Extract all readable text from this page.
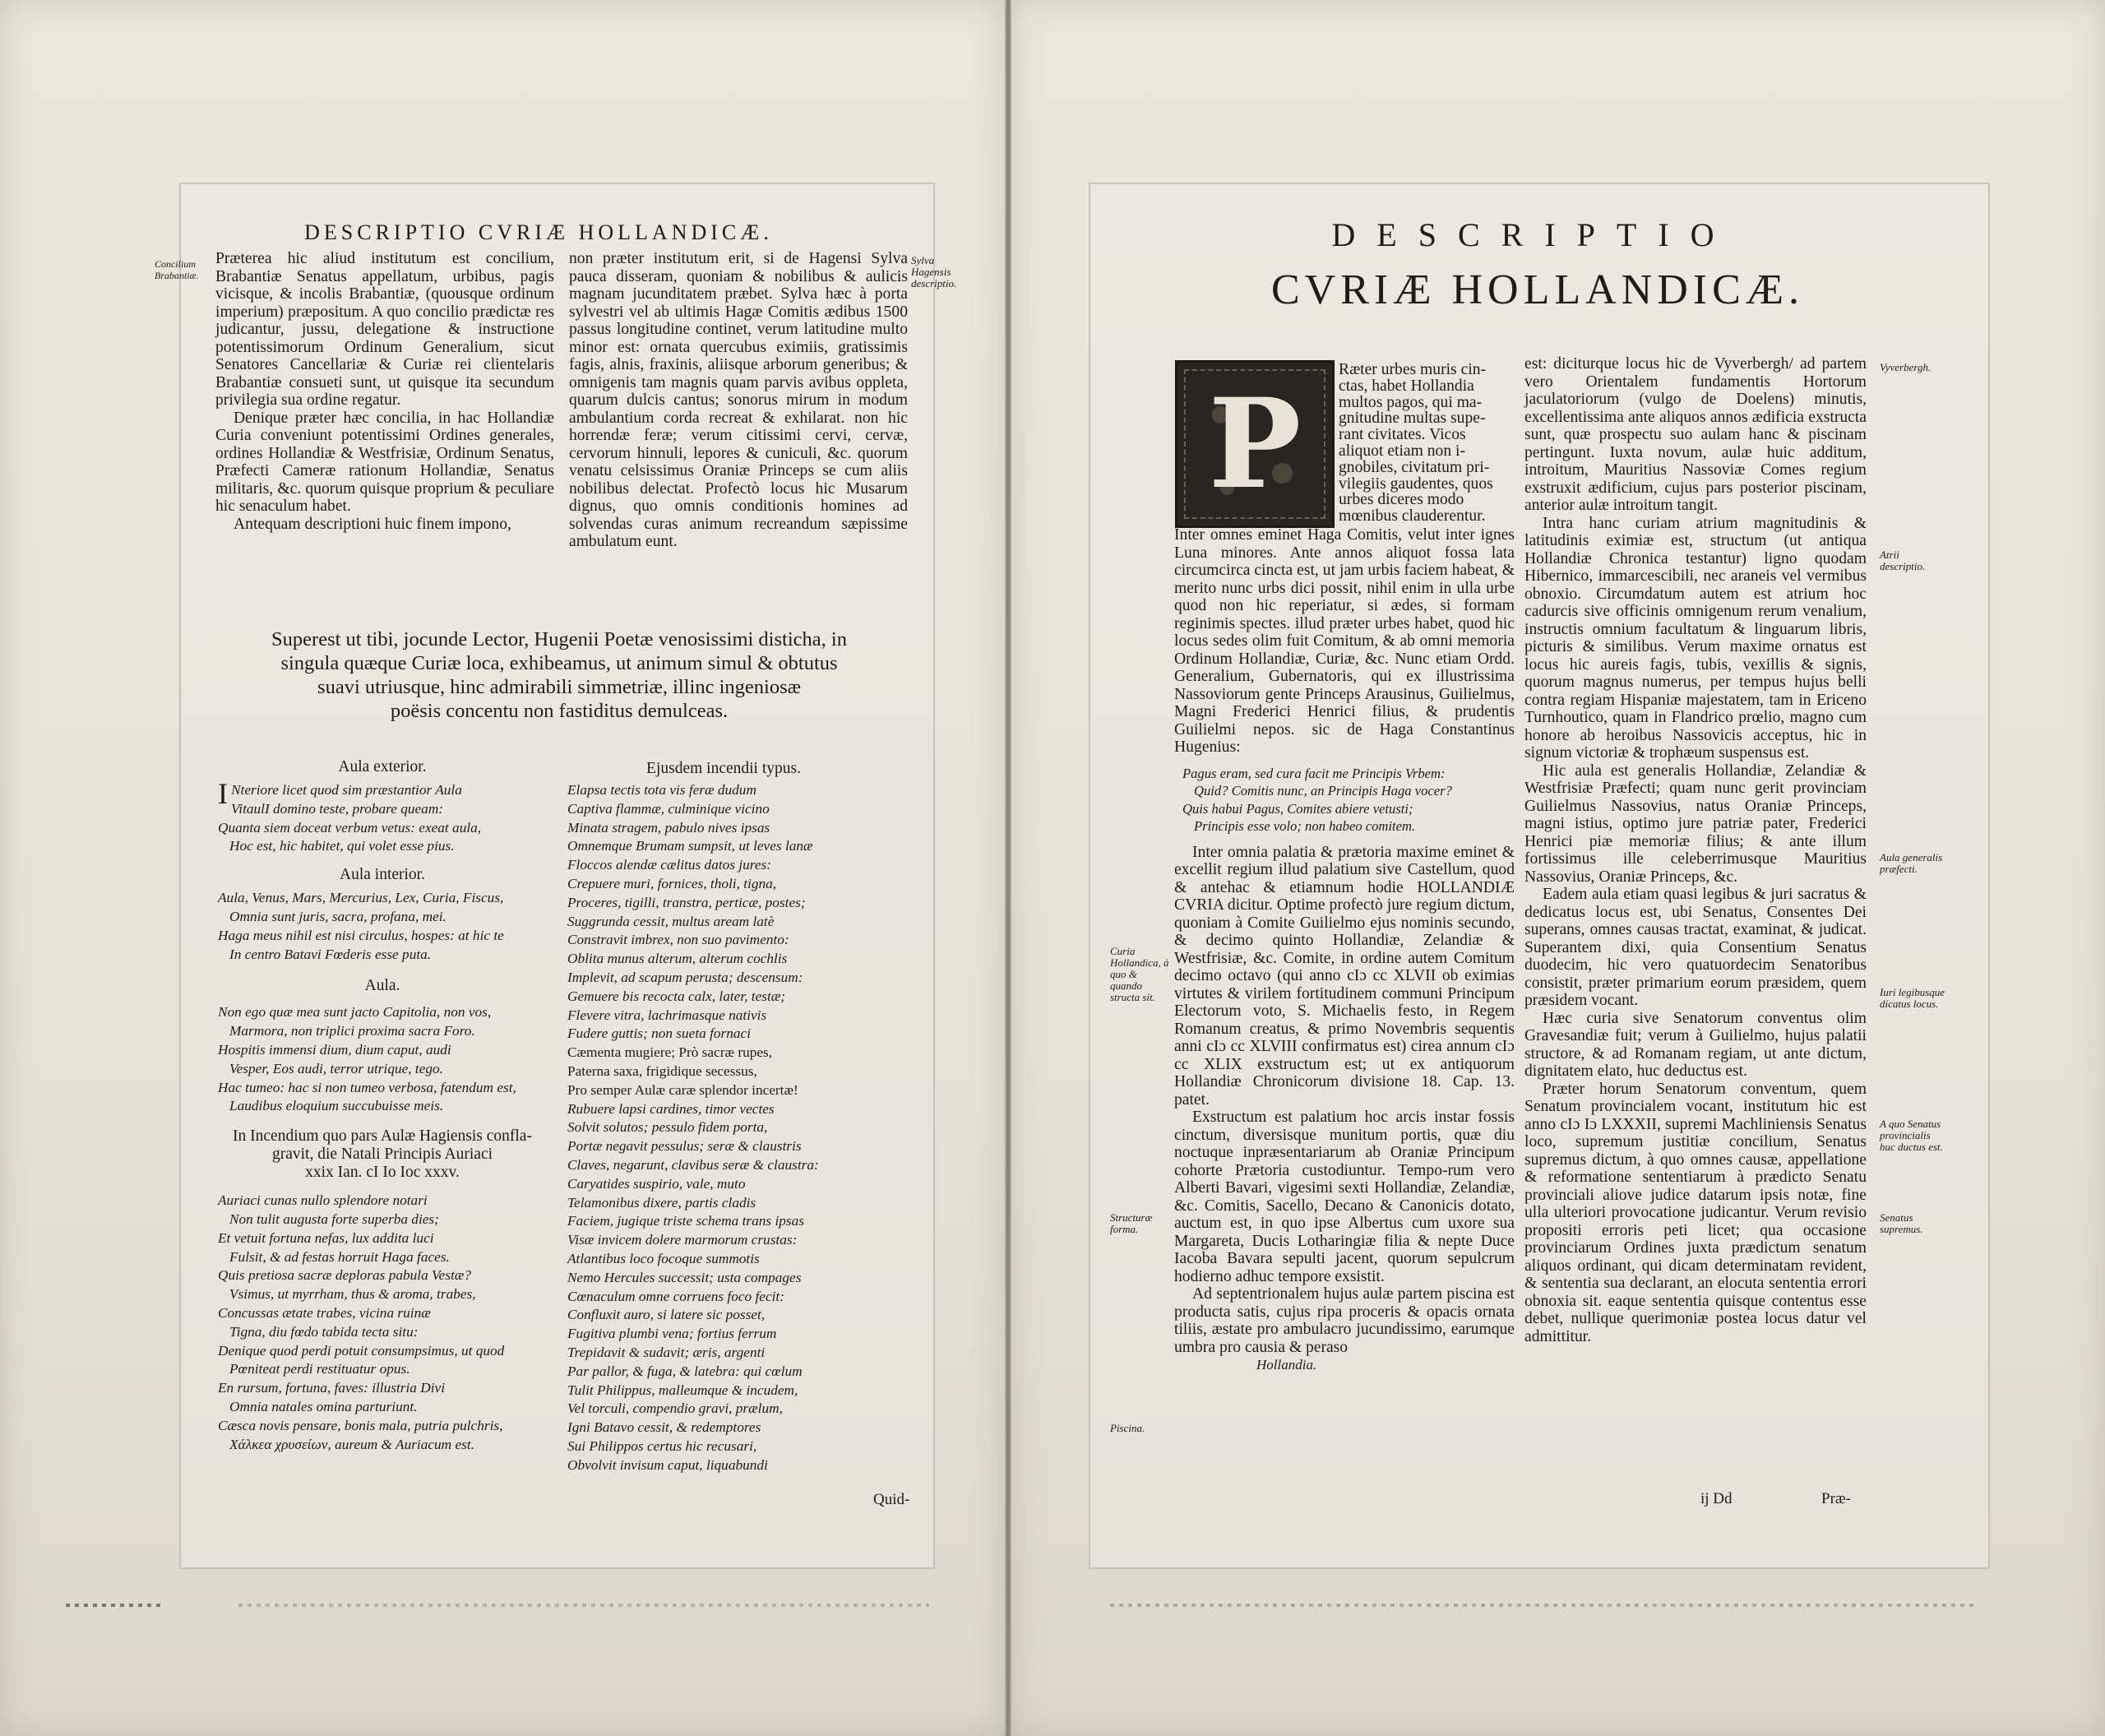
DESCRIPTIO CVRIÆ HOLLANDICÆ.
Concilium Brabantiæ.
Sylva Hagensis descriptio.

Præterea hic aliud institutum est concilium, Brabantiæ Senatus appellatum, urbibus, pagis vicisque, & incolis Brabantiæ, (quousque ordinum imperium) præpositum. A quo concilio prædictæ res judicantur, jussu, delegatione & instructione potentissimorum Ordinum Generalium, sicut Senatores Cancellariæ & Curiæ rei clientelaris Brabantiæ consueti sunt, ut quisque ita secundum privilegia sua ordine regatur.

Denique præter hæc concilia, in hac Hollandiæ Curia conveniunt potentissimi Ordines generales, ordines Hollandiæ & Westfrisiæ, Ordinum Senatus, Præfecti Cameræ rationum Hollandiæ, Senatus militaris, &c. quorum quisque proprium & peculiare hic senaculum habet.

Antequam descriptioni huic finem impono,

non præter institutum erit, si de Hagensi Sylva pauca disseram, quoniam & nobilibus & aulicis magnam jucunditatem præbet. Sylva hæc à porta sylvestri vel ab ultimis Hagæ Comitis ædibus 1500 passus longitudine continet, verum latitudine multo minor est: ornata quercubus eximiis, gratissimis fagis, alnis, fraxinis, aliisque arborum generibus; & omnigenis tam magnis quam parvis avibus oppleta, quarum dulcis cantus; sonorus mirum in modum ambulantium corda recreat & exhilarat. non hic horrendæ feræ; verum citissimi cervi, cervæ, cervorum hinnuli, lepores & cuniculi, &c. quorum venatu celsissimus Oraniæ Princeps se cum aliis nobilibus delectat. Profectò locus hic Musarum dignus, quo omnis conditionis homines ad solvendas curas animum recreandum sæpissime ambulatum eunt.

Superest ut tibi, jocunde Lector, Hugenii Poetæ venosissimi disticha, in
singula quæque Curiæ loca, exhibeamus, ut animum simul & obtutus
suavi utriusque, hinc admirabili simmetriæ, illinc ingeniosæ
poësis concentu non fastiditus demulceas.
Aula exterior.
I Nteriore licet quod sim præstantior Aula
VitaulI domino teste, probare queam:
Quanta siem doceat verbum vetus: exeat aula,
Hoc est, hic habitet, qui volet esse pius.
Aula interior.
Aula, Venus, Mars, Mercurius, Lex, Curia, Fiscus,
Omnia sunt juris, sacra, profana, mei.
Haga meus nihil est nisi circulus, hospes: at hic te
In centro Batavi Fœderis esse puta.
Aula.
Non ego quæ mea sunt jacto Capitolia, non vos,
Marmora, non triplici proxima sacra Foro.
Hospitis immensi dium, dium caput, audi
Vesper, Eos audi, terror utrique, tego.
Hac tumeo: hac si non tumeo verbosa, fatendum est,
Laudibus eloquium succubuisse meis.
In Incendium quo pars Aulæ Hagiensis confla-
gravit, die Natali Principis Auriaci
xxix Ian. cI Io Ioc xxxv.
Auriaci cunas nullo splendore notari
Non tulit augusta forte superba dies;
Et vetuit fortuna nefas, lux addita luci
Fulsit, & ad festas horruit Haga faces.
Quis pretiosa sacræ deploras pabula Vestæ?
Vsimus, ut myrrham, thus & aroma, trabes,
Concussas ætate trabes, vicina ruinæ
Tigna, diu fœdo tabida tecta situ:
Denique quod perdi potuit consumpsimus, ut quod
Pœniteat perdi restituatur opus.
En rursum, fortuna, faves: illustria Divi
Omnia natales omina parturiunt.
Cæsca novis pensare, bonis mala, putria pulchris,
Χάλκεα χρυσείων, aureum & Auriacum est.
Ejusdem incendii typus.
Elapsa tectis tota vis feræ dudum
Captiva flammæ, culminique vicino
Minata stragem, pabulo nives ipsas
Omnemque Brumam sumpsit, ut leves lanæ
Floccos alendæ cælitus datos jures:
Crepuere muri, fornices, tholi, tigna,
Proceres, tigilli, transtra, perticæ, postes;
Suggrunda cessit, multus aream latè
Constravit imbrex, non suo pavimento:
Oblita munus alterum, alterum cochlis
Implevit, ad scapum perusta; descensum:
Gemuere bis recocta calx, later, testæ;
Flevere vitra, lachrimasque nativis
Fudere guttis; non sueta fornaci
Cæmenta mugiere; Prò sacræ rupes,
Paterna saxa, frigidique secessus,
Pro semper Aulæ caræ splendor incertæ!
Rubuere lapsi cardines, timor vectes
Solvit solutos; pessulo fidem porta,
Portæ negavit pessulus; seræ & claustris
Claves, negarunt, clavibus seræ & claustra:
Caryatides suspirio, vale, muto
Telamonibus dixere, partis cladis
Faciem, jugique triste schema trans ipsas
Visæ invicem dolere marmorum crustas:
Atlantibus loco focoque summotis
Nemo Hercules successit; usta compages
Cœnaculum omne corruens foco fecit:
Confluxit auro, si latere sic posset,
Fugitiva plumbi vena; fortius ferrum
Trepidavit & sudavit; æris, argenti
Par pallor, & fuga, & latebra: qui cœlum
Tulit Philippus, malleumque & incudem,
Vel torculi, compendio gravi, prælum,
Igni Batavo cessit, & redemptores
Sui Philippos certus hic recusari,
Obvolvit invisum caput, liquabundi
Quid-
DESCRIPTIO
CVRIÆ HOLLANDICÆ.
P
Ræter urbes muris cin-
ctas, habet Hollandia
multos pagos, qui ma-
gnitudine multas supe-
rant civitates. Vicos
aliquot etiam non i-
gnobiles, civitatum pri-
vilegiis gaudentes, quos
urbes diceres modo
mœnibus clauderentur.

Inter omnes eminet Haga Comitis, velut inter ignes Luna minores. Ante annos aliquot fossa lata circumcirca cincta est, ut jam urbis faciem habeat, & merito nunc urbs dici possit, nihil enim in ulla urbe quod non hic reperiatur, si ædes, si formam reginimis spectes. illud præter urbes habet, quod hic locus sedes olim fuit Comitum, & ab omni memoria Ordinum Hollandiæ, Curiæ, &c. Nunc etiam Ordd. Generalium, Gubernatoris, qui ex illustrissima Nassoviorum gente Princeps Arausinus, Guilielmus, Magni Frederici Henrici filius, & prudentis Guilielmi nepos. sic de Haga Constantinus Hugenius:

Pagus eram, sed cura facit me Principis Vrbem:
Quid? Comitis nunc, an Principis Haga vocer?
Quis habui Pagus, Comites abiere vetusti;
Principis esse volo; non habeo comitem.

Inter omnia palatia & prætoria maxime eminet & excellit regium illud palatium sive Castellum, quod & antehac & etiamnum hodie HOLLANDIÆ CVRIA dicitur. Optime profectò jure regium dictum, quoniam à Comite Guilielmo ejus nominis secundo, & decimo quinto Hollandiæ, Zelandiæ & Westfrisiæ, &c. Comite, in ordine autem Comitum decimo octavo (qui anno cIɔ cc XLVII ob eximias virtutes & virilem fortitudinem communi Principum Electorum voto, S. Michaelis festo, in Regem Romanum creatus, & primo Novembris sequentis anni cIɔ cc XLVIII confirmatus est) cirea annum cIɔ cc XLIX exstructum est; ut ex antiquorum Hollandiæ Chronicorum divisione 18. Cap. 13. patet.

Exstructum est palatium hoc arcis instar fossis cinctum, diversisque munitum portis, quæ diu noctuque inpræsentariarum ab Oraniæ Principum cohorte Prætoria custodiuntur. Tempo-rum vero Alberti Bavari, vigesimi sexti Hollandiæ, Zelandiæ, &c. Comitis, Sacello, Decano & Canonicis dotato, auctum est, in quo ipse Albertus cum uxore sua Margareta, Ducis Lotharingiæ filia & nepte Duce Iacoba Bavara sepulti jacent, quorum sepulcrum hodierno adhuc tempore exsistit.

Ad septentrionalem hujus aulæ partem piscina est producta satis, cujus ripa proceris & opacis ornata tiliis, æstate pro ambulacro jucundissimo, earumque umbra pro causia & peraso

Hollandia.

est: diciturque locus hic de Vyverbergh/ ad partem vero Orientalem fundamentis Hortorum jaculatoriorum (vulgo de Doelens) minutis, excellentissima ante aliquos annos ædificia exstructa sunt, quæ prospectu suo aulam hanc & piscinam pertingunt. Iuxta novum, aulæ huic additum, introitum, Mauritius Nassoviæ Comes regium exstruxit ædificium, cujus pars posterior piscinam, anterior aulæ introitum tangit.

Intra hanc curiam atrium magnitudinis & latitudinis eximiæ est, structum (ut antiqua Hollandiæ Chronica testantur) ligno quodam Hibernico, immarcescibili, nec araneis vel vermibus obnoxio. Circumdatum autem est atrium hoc cadurcis sive officinis omnigenum rerum venalium, instructis omnium facultatum & linguarum libris, picturis & similibus. Verum maxime ornatus est locus hic aureis fagis, tubis, vexillis & signis, quorum magnus numerus, per tempus hujus belli contra regiam Hispaniæ majestatem, tam in Ericeno Turnhoutico, quam in Flandrico prœlio, magno cum honore ab heroibus Nassovicis acceptus, hic in signum victoriæ & trophæum suspensus est.

Hic aula est generalis Hollandiæ, Zelandiæ & Westfrisiæ Præfecti; quam nunc gerit provinciam Guilielmus Nassovius, natus Oraniæ Princeps, magni istius, optimo jure patriæ pater, Frederici Henrici piæ memoriæ filius; & ante illum fortissimus ille celeberrimusque Mauritius Nassovius, Oraniæ Princeps, &c.

Eadem aula etiam quasi legibus & juri sacratus & dedicatus locus est, ubi Senatus, Consentes Dei superans, omnes causas tractat, examinat, & judicat. Superantem dixi, quia Consentium Senatus duodecim, hic vero quatuordecim Senatoribus consistit, præter primarium eorum præsidem, quem præsidem vocant.

Hæc curia sive Senatorum conventus olim Gravesandiæ fuit; verum à Guilielmo, hujus palatii structore, & ad Romanam regiam, ut ante dictum, dignitatem elato, huc deductus est.

Præter horum Senatorum conventum, quem Senatum provincialem vocant, institutum hic est anno cIɔ Iɔ LXXXII, supremi Machliniensis Senatus loco, supremum justitiæ concilium, Senatus supremus dictum, à quo omnes causæ, appellatione & reformatione sententiarum à prædicto Senatu provinciali aliove judice datarum ipsis notæ, fine ulla ulteriori provocatione judicantur. Verum revisio propositi erroris peti licet; qua occasione provinciarum Ordines juxta prædictum senatum aliquos ordinant, qui dicam determinatam revident, & sententia sua declarant, an elocuta sententia errori obnoxia sit. eaque sententia quisque contentus esse debet, nullique querimoniæ postea locus datur vel admittitur.

Vyverbergh.
Atrii descriptio.
Aula generalis præfecti.
Iuri legibusque dicatus locus.
A quo Senatus provincialis huc ductus est.
Senatus supremus.
Curia Hollandica, à quo & quando structa sit.
Structuræ forma.
Piscina.
ij Dd	Præ-
